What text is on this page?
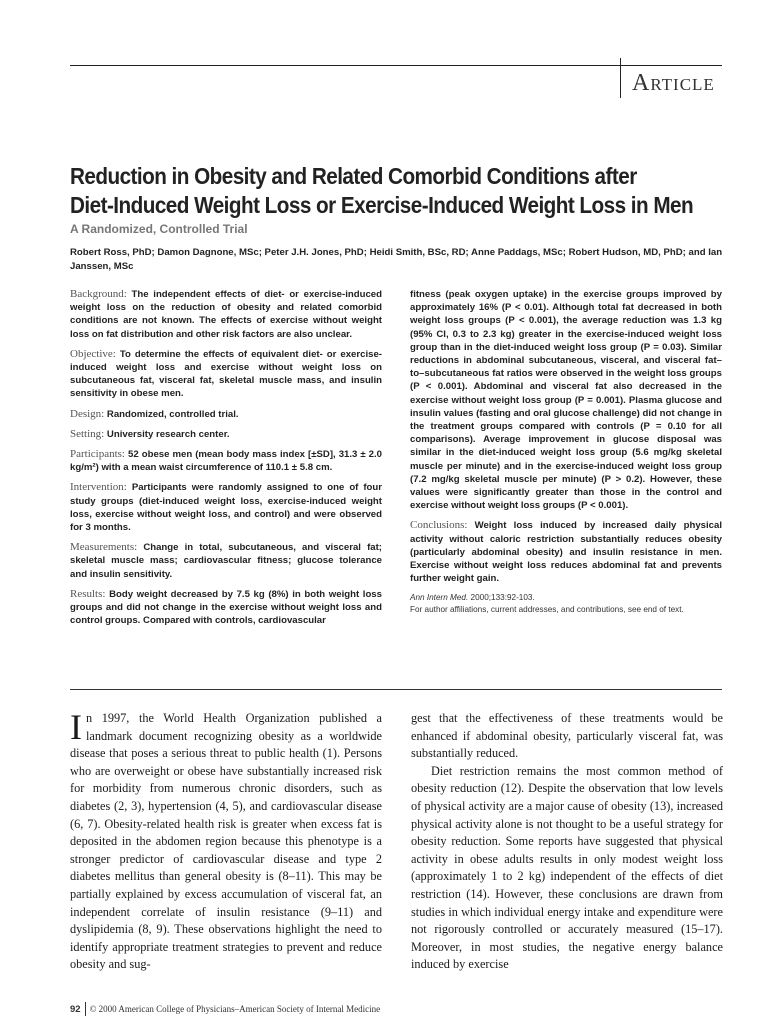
Article
Reduction in Obesity and Related Comorbid Conditions after
Diet-Induced Weight Loss or Exercise-Induced Weight Loss in Men
A Randomized, Controlled Trial
Robert Ross, PhD; Damon Dagnone, MSc; Peter J.H. Jones, PhD; Heidi Smith, BSc, RD; Anne Paddags, MSc; Robert Hudson, MD, PhD; and Ian Janssen, MSc

Background: The independent effects of diet- or exercise-induced weight loss on the reduction of obesity and related comorbid conditions are not known. The effects of exercise without weight loss on fat distribution and other risk factors are also unclear.

Objective: To determine the effects of equivalent diet- or exercise-induced weight loss and exercise without weight loss on subcutaneous fat, visceral fat, skeletal muscle mass, and insulin sensitivity in obese men.

Design: Randomized, controlled trial.

Setting: University research center.

Participants: 52 obese men (mean body mass index [±SD], 31.3 ± 2.0 kg/m²) with a mean waist circumference of 110.1 ± 5.8 cm.

Intervention: Participants were randomly assigned to one of four study groups (diet-induced weight loss, exercise-induced weight loss, exercise without weight loss, and control) and were observed for 3 months.

Measurements: Change in total, subcutaneous, and visceral fat; skeletal muscle mass; cardiovascular fitness; glucose tolerance and insulin sensitivity.

Results: Body weight decreased by 7.5 kg (8%) in both weight loss groups and did not change in the exercise without weight loss and control groups. Compared with controls, cardiovascular

fitness (peak oxygen uptake) in the exercise groups improved by approximately 16% (P < 0.01). Although total fat decreased in both weight loss groups (P < 0.001), the average reduction was 1.3 kg (95% CI, 0.3 to 2.3 kg) greater in the exercise-induced weight loss group than in the diet-induced weight loss group (P = 0.03). Similar reductions in abdominal subcutaneous, visceral, and visceral fat–to–subcutaneous fat ratios were observed in the weight loss groups (P < 0.001). Abdominal and visceral fat also decreased in the exercise without weight loss group (P = 0.001). Plasma glucose and insulin values (fasting and oral glucose challenge) did not change in the treatment groups compared with controls (P = 0.10 for all comparisons). Average improvement in glucose disposal was similar in the diet-induced weight loss group (5.6 mg/kg skeletal muscle per minute) and in the exercise-induced weight loss group (7.2 mg/kg skeletal muscle per minute) (P > 0.2). However, these values were significantly greater than those in the control and exercise without weight loss groups (P < 0.001).

Conclusions: Weight loss induced by increased daily physical activity without caloric restriction substantially reduces obesity (particularly abdominal obesity) and insulin resistance in men. Exercise without weight loss reduces abdominal fat and prevents further weight gain.

Ann Intern Med. 2000;133:92-103.
For author affiliations, current addresses, and contributions, see end of text.

In 1997, the World Health Organization published a landmark document recognizing obesity as a worldwide disease that poses a serious threat to public health (1). Persons who are overweight or obese have substantially increased risk for morbidity from numerous chronic disorders, such as diabetes (2, 3), hypertension (4, 5), and cardiovascular disease (6, 7). Obesity-related health risk is greater when excess fat is deposited in the abdomen region because this phenotype is a stronger predictor of cardiovascular disease and type 2 diabetes mellitus than general obesity is (8–11). This may be partially explained by excess accumulation of visceral fat, an independent correlate of insulin resistance (9–11) and dyslipidemia (8, 9). These observations highlight the need to identify appropriate treatment strategies to prevent and reduce obesity and sug-

gest that the effectiveness of these treatments would be enhanced if abdominal obesity, particularly visceral fat, was substantially reduced.

Diet restriction remains the most common method of obesity reduction (12). Despite the observation that low levels of physical activity are a major cause of obesity (13), increased physical activity alone is not thought to be a useful strategy for obesity reduction. Some reports have suggested that physical activity in obese adults results in only modest weight loss (approximately 1 to 2 kg) independent of the effects of diet restriction (14). However, these conclusions are drawn from studies in which individual energy intake and expenditure were not rigorously controlled or accurately measured (15–17). Moreover, in most studies, the negative energy balance induced by exercise

92	© 2000 American College of Physicians–American Society of Internal Medicine
